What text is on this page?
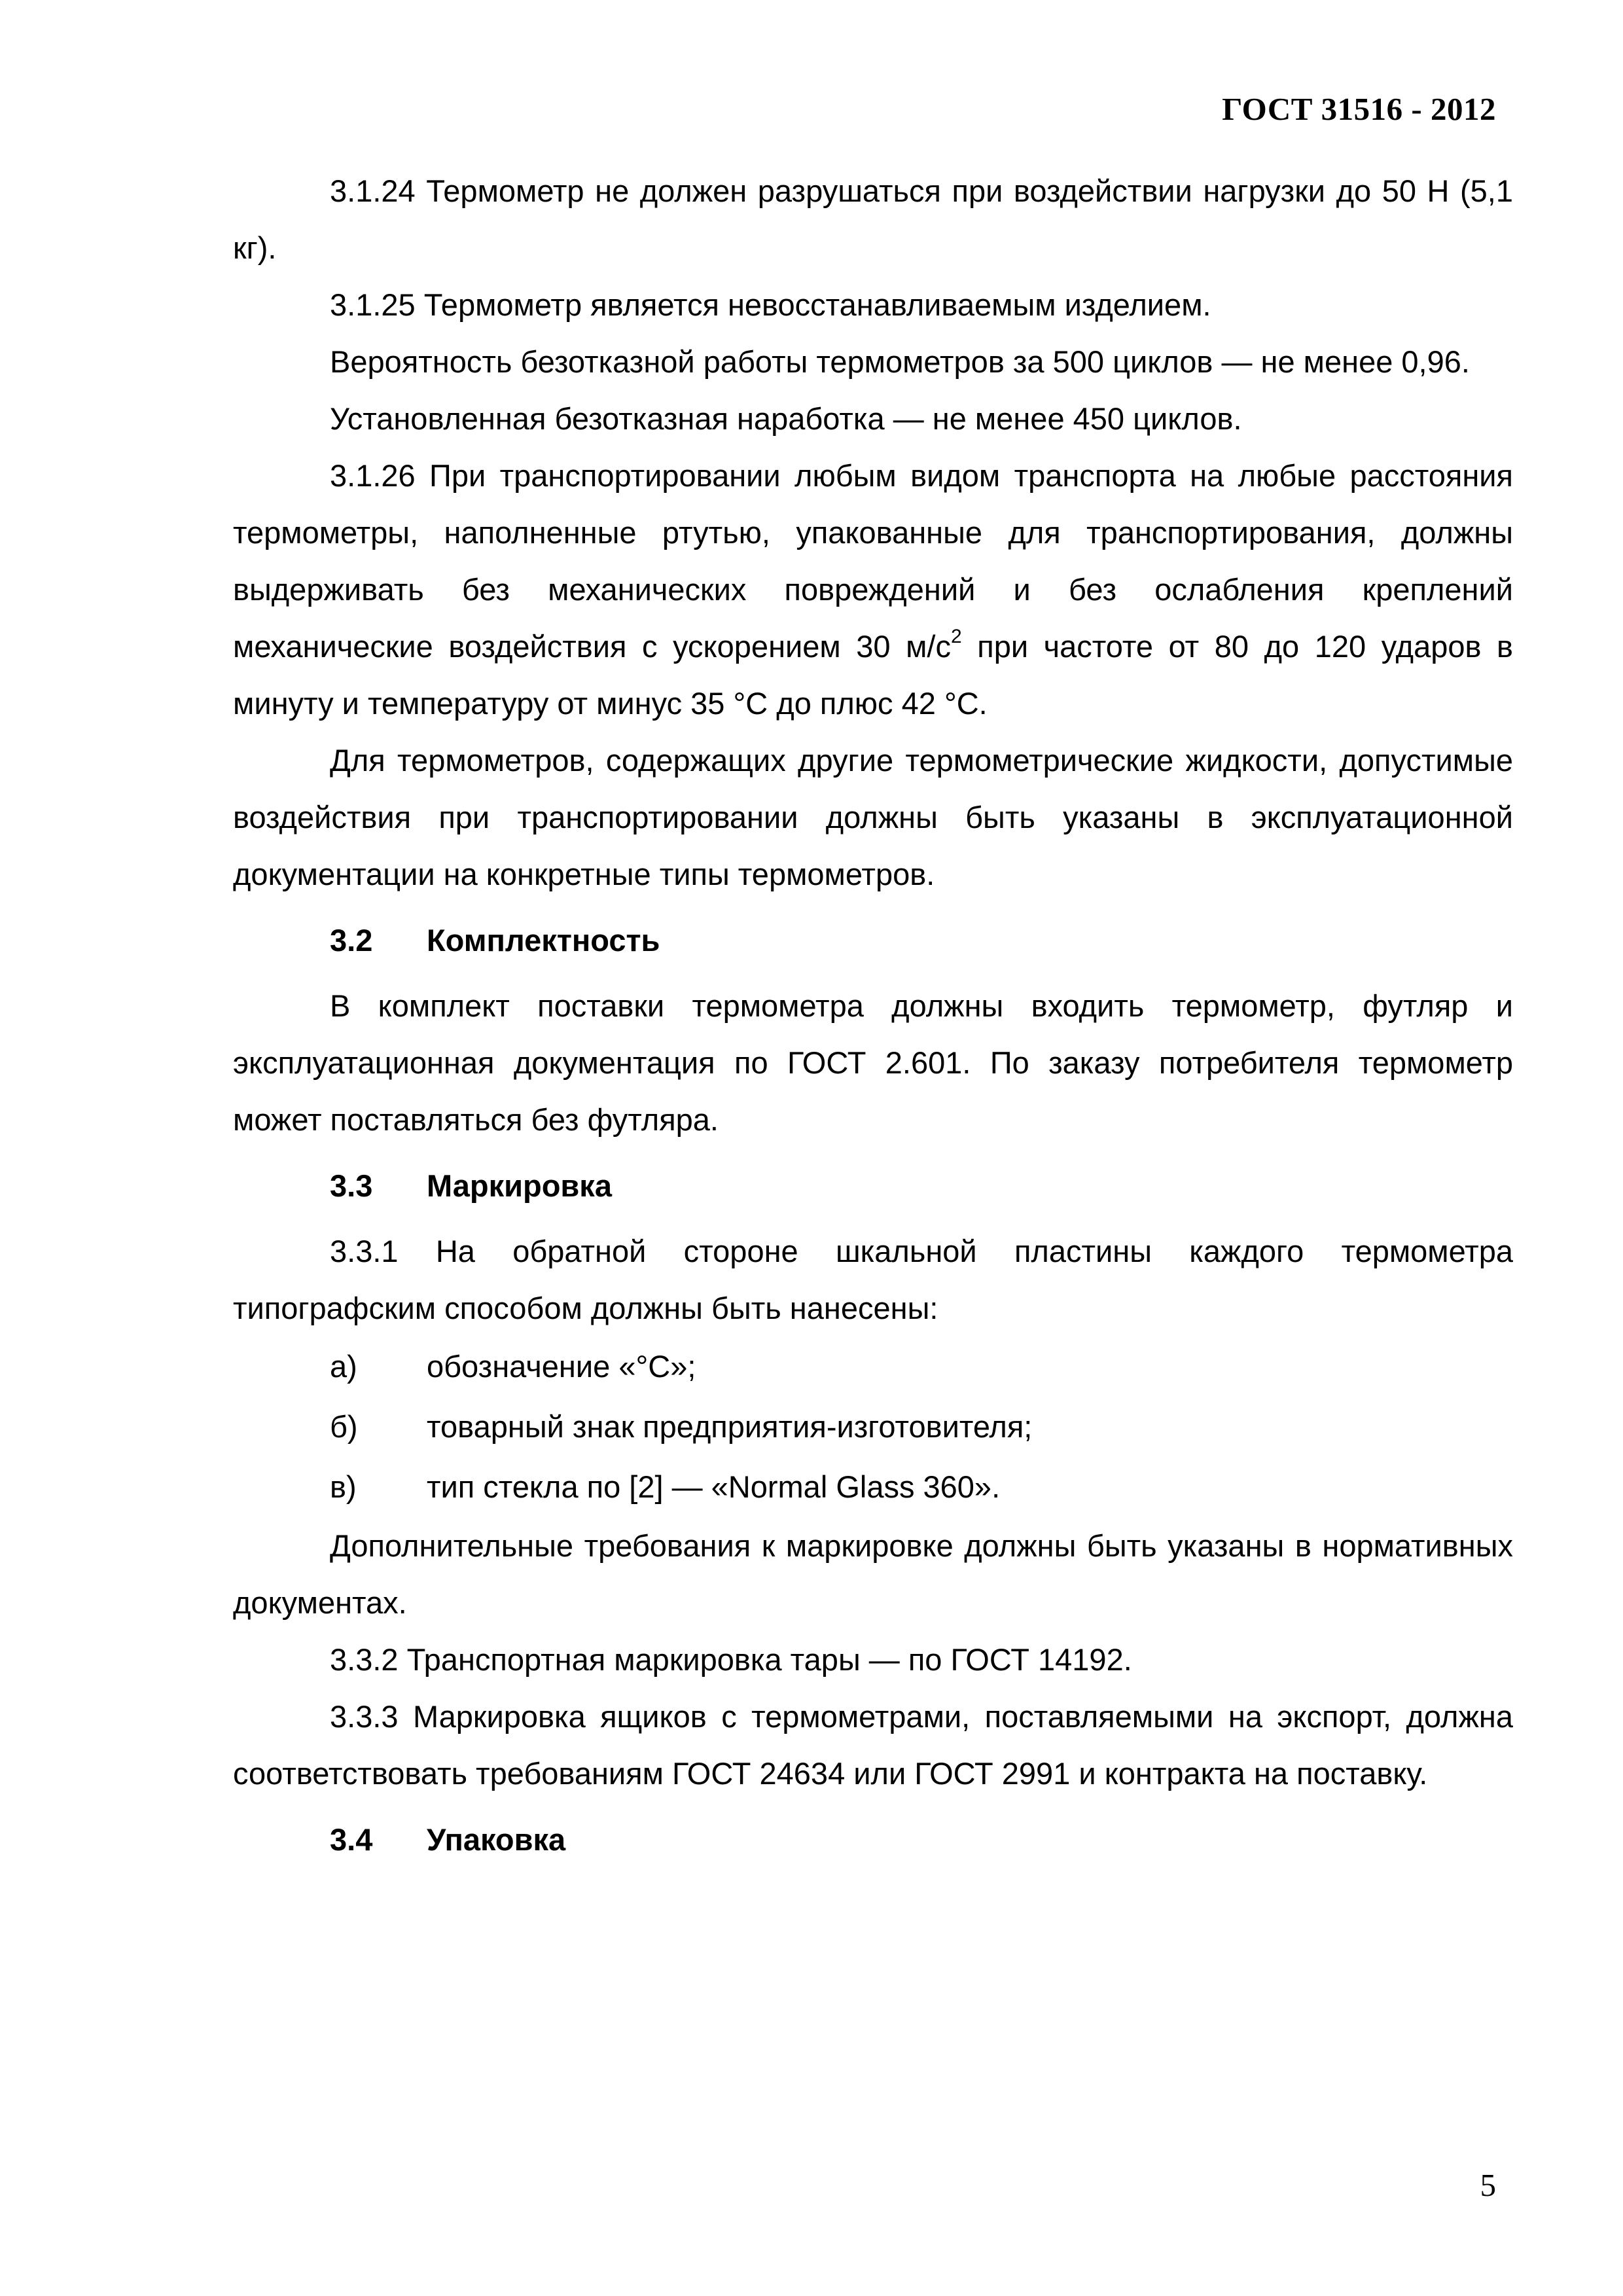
ГОСТ 31516 - 2012

3.1.24 Термометр не должен разрушаться при воздействии нагрузки до 50 Н (5,1 кг).

3.1.25 Термометр является невосстанавливаемым изделием.

Вероятность безотказной работы термометров за 500 циклов — не менее 0,96.

Установленная безотказная наработка — не менее 450 циклов.

3.1.26 При транспортировании любым видом транспорта на любые расстояния термометры, наполненные ртутью, упакованные для транспортирования, должны выдерживать без механических повреждений и без ослабления креплений механические воздействия с ускорением 30 $м/с^2$ при частоте от 80 до 120 ударов в минуту и температуру от минус 35 °С до плюс 42 °С.

Для термометров, содержащих другие термометрические жидкости, допустимые воздействия при транспортировании должны быть указаны в эксплуатационной документации на конкретные типы термометров.

3.2	Комплектность

В комплект поставки термометра должны входить термометр, футляр и эксплуатационная документация по ГОСТ 2.601. По заказу потребителя термометр может поставляться без футляра.

3.3	Маркировка

3.3.1 На обратной стороне шкальной пластины каждого термометра типографским способом должны быть нанесены:

а)	обозначение «°С»;
б)	товарный знак предприятия-изготовителя;
в)	тип стекла по [2] — «Normal Glass 360».

Дополнительные требования к маркировке должны быть указаны в нормативных документах.

3.3.2 Транспортная маркировка тары — по ГОСТ 14192.

3.3.3 Маркировка ящиков с термометрами, поставляемыми на экспорт, должна соответствовать требованиям ГОСТ 24634 или ГОСТ 2991 и контракта на поставку.

3.4	Упаковка
5
